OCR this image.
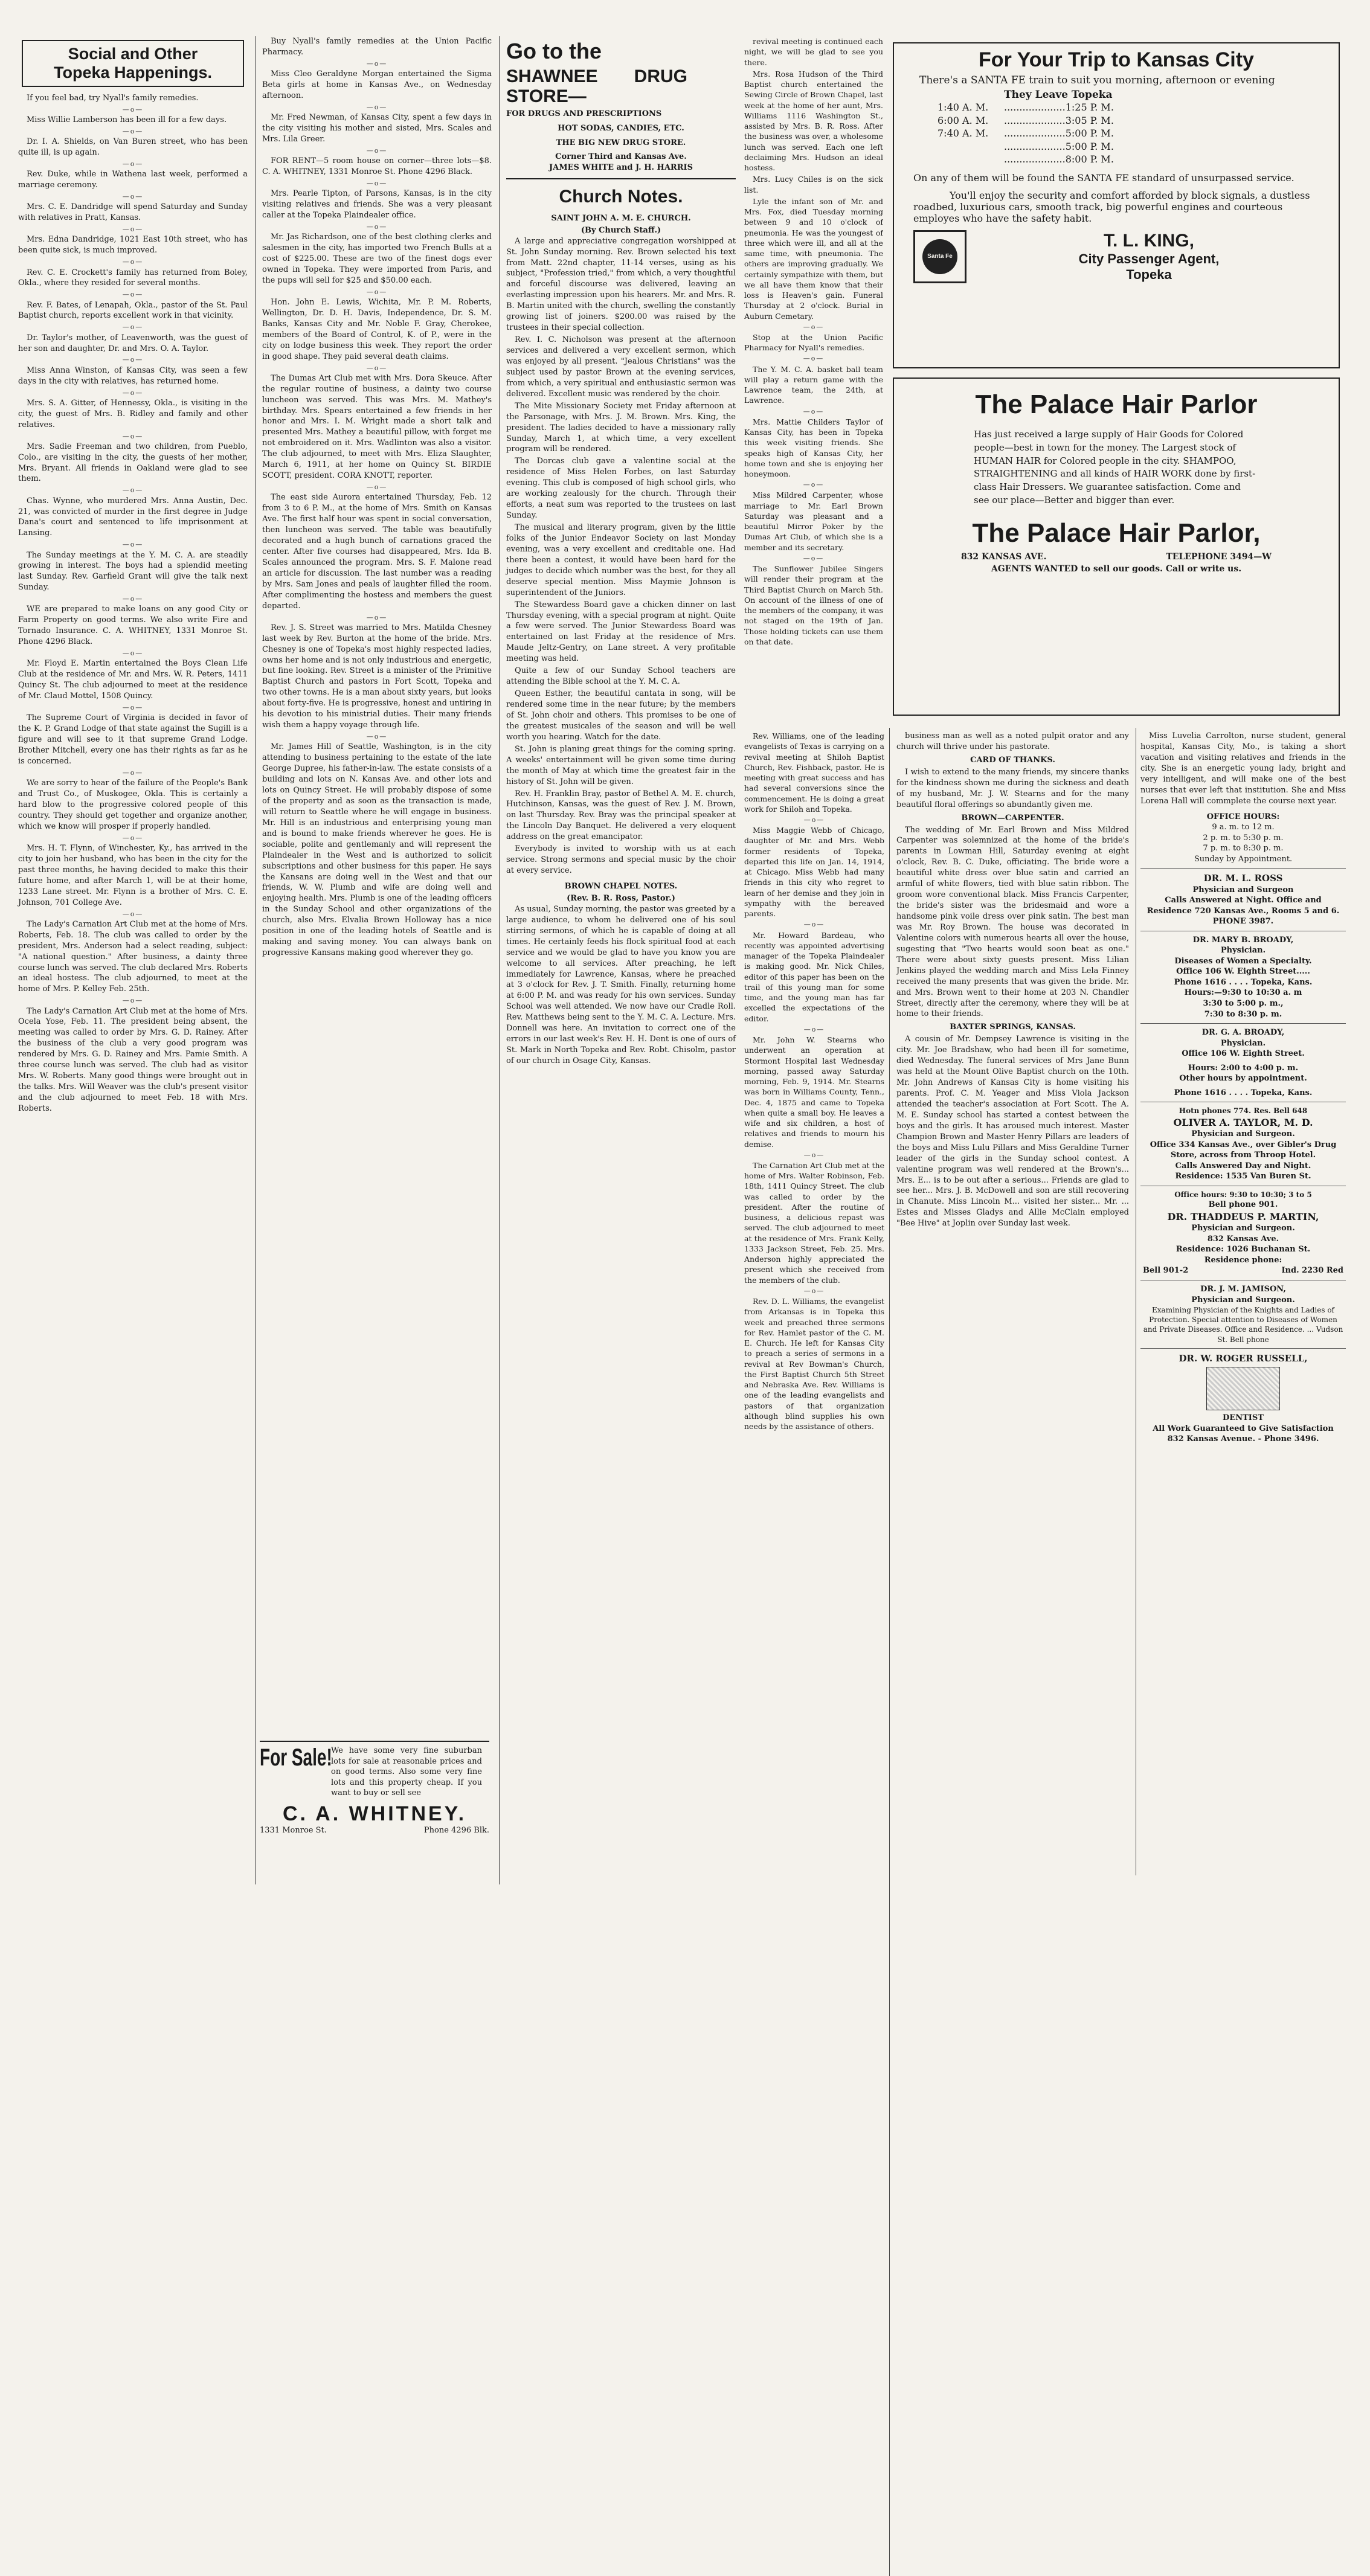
Social and Other
Topeka Happenings.

If you feel bad, try Nyall's family remedies.

—o—

Miss Willie Lamberson has been ill for a few days.

—o—

Dr. I. A. Shields, on Van Buren street, who has been quite ill, is up again.

—o—

Rev. Duke, while in Wathena last week, performed a marriage ceremony.

—o—

Mrs. C. E. Dandridge will spend Saturday and Sunday with relatives in Pratt, Kansas.

—o—

Mrs. Edna Dandridge, 1021 East 10th street, who has been quite sick, is much improved.

—o—

Rev. C. E. Crockett's family has returned from Boley, Okla., where they resided for several months.

—o—

Rev. F. Bates, of Lenapah, Okla., pastor of the St. Paul Baptist church, reports excellent work in that vicinity.

—o—

Dr. Taylor's mother, of Leavenworth, was the guest of her son and daughter, Dr. and Mrs. O. A. Taylor.

—o—

Miss Anna Winston, of Kansas City, was seen a few days in the city with relatives, has returned home.

—o—

Mrs. S. A. Gitter, of Hennessy, Okla., is visiting in the city, the guest of Mrs. B. Ridley and family and other relatives.

—o—

Mrs. Sadie Freeman and two children, from Pueblo, Colo., are visiting in the city, the guests of her mother, Mrs. Bryant. All friends in Oakland were glad to see them.

—o—

Chas. Wynne, who murdered Mrs. Anna Austin, Dec. 21, was convicted of murder in the first degree in Judge Dana's court and sentenced to life imprisonment at Lansing.

—o—

The Sunday meetings at the Y. M. C. A. are steadily growing in interest. The boys had a splendid meeting last Sunday. Rev. Garfield Grant will give the talk next Sunday.

—o—

WE are prepared to make loans on any good City or Farm Property on good terms. We also write Fire and Tornado Insurance. C. A. WHITNEY, 1331 Monroe St. Phone 4296 Black.

—o—

Mr. Floyd E. Martin entertained the Boys Clean Life Club at the residence of Mr. and Mrs. W. R. Peters, 1411 Quincy St. The club adjourned to meet at the residence of Mr. Claud Mottel, 1508 Quincy.

—o—

The Supreme Court of Virginia is decided in favor of the K. P. Grand Lodge of that state against the Sugill is a figure and will see to it that supreme Grand Lodge. Brother Mitchell, every one has their rights as far as he is concerned.

—o—

We are sorry to hear of the failure of the People's Bank and Trust Co., of Muskogee, Okla. This is certainly a hard blow to the progressive colored people of this country. They should get together and organize another, which we know will prosper if properly handled.

—o—

Mrs. H. T. Flynn, of Winchester, Ky., has arrived in the city to join her husband, who has been in the city for the past three months, he having decided to make this their future home, and after March 1, will be at their home, 1233 Lane street. Mr. Flynn is a brother of Mrs. C. E. Johnson, 701 College Ave.

—o—

The Lady's Carnation Art Club met at the home of Mrs. Roberts, Feb. 18. The club was called to order by the president, Mrs. Anderson had a select reading, subject: "A national question." After business, a dainty three course lunch was served. The club declared Mrs. Roberts an ideal hostess. The club adjourned, to meet at the home of Mrs. P. Kelley Feb. 25th.

—o—

The Lady's Carnation Art Club met at the home of Mrs. Ocela Yose, Feb. 11. The president being absent, the meeting was called to order by Mrs. G. D. Rainey. After the business of the club a very good program was rendered by Mrs. G. D. Rainey and Mrs. Pamie Smith. A three course lunch was served. The club had as visitor Mrs. W. Roberts. Many good things were brought out in the talks. Mrs. Will Weaver was the club's present visitor and the club adjourned to meet Feb. 18 with Mrs. Roberts.

Buy Nyall's family remedies at the Union Pacific Pharmacy.

—o—

Miss Cleo Geraldyne Morgan entertained the Sigma Beta girls at home in Kansas Ave., on Wednesday afternoon.

—o—

Mr. Fred Newman, of Kansas City, spent a few days in the city visiting his mother and sisted, Mrs. Scales and Mrs. Lila Greer.

—o—

FOR RENT—5 room house on corner—three lots—$8. C. A. WHITNEY, 1331 Monroe St. Phone 4296 Black.

—o—

Mrs. Pearle Tipton, of Parsons, Kansas, is in the city visiting relatives and friends. She was a very pleasant caller at the Topeka Plaindealer office.

—o—

Mr. Jas Richardson, one of the best clothing clerks and salesmen in the city, has imported two French Bulls at a cost of $225.00. These are two of the finest dogs ever owned in Topeka. They were imported from Paris, and the pups will sell for $25 and $50.00 each.

—o—

Hon. John E. Lewis, Wichita, Mr. P. M. Roberts, Wellington, Dr. D. H. Davis, Independence, Dr. S. M. Banks, Kansas City and Mr. Noble F. Gray, Cherokee, members of the Board of Control, K. of P., were in the city on lodge business this week. They report the order in good shape. They paid several death claims.

—o—

The Dumas Art Club met with Mrs. Dora Skeuce. After the regular routine of business, a dainty two course luncheon was served. This was Mrs. M. Mathey's birthday. Mrs. Spears entertained a few friends in her honor and Mrs. I. M. Wright made a short talk and presented Mrs. Mathey a beautiful pillow, with forget me not embroidered on it. Mrs. Wadlinton was also a visitor. The club adjourned, to meet with Mrs. Eliza Slaughter, March 6, 1911, at her home on Quincy St. BIRDIE SCOTT, president. CORA KNOTT, reporter.

—o—

The east side Aurora entertained Thursday, Feb. 12 from 3 to 6 P. M., at the home of Mrs. Smith on Kansas Ave. The first half hour was spent in social conversation, then luncheon was served. The table was beautifully decorated and a hugh bunch of carnations graced the center. After five courses had disappeared, Mrs. Ida B. Scales announced the program. Mrs. S. F. Malone read an article for discussion. The last number was a reading by Mrs. Sam Jones and peals of laughter filled the room. After complimenting the hostess and members the guest departed.

—o—

Rev. J. S. Street was married to Mrs. Matilda Chesney last week by Rev. Burton at the home of the bride. Mrs. Chesney is one of Topeka's most highly respected ladies, owns her home and is not only industrious and energetic, but fine looking. Rev. Street is a minister of the Primitive Baptist Church and pastors in Fort Scott, Topeka and two other towns. He is a man about sixty years, but looks about forty-five. He is progressive, honest and untiring in his devotion to his ministrial duties. Their many friends wish them a happy voyage through life.

—o—

Mr. James Hill of Seattle, Washington, is in the city attending to business pertaining to the estate of the late George Dupree, his father-in-law. The estate consists of a building and lots on N. Kansas Ave. and other lots and lots on Quincy Street. He will probably dispose of some of the property and as soon as the transaction is made, will return to Seattle where he will engage in business. Mr. Hill is an industrious and enterprising young man and is bound to make friends wherever he goes. He is sociable, polite and gentlemanly and will represent the Plaindealer in the West and is authorized to solicit subscriptions and other business for this paper. He says the Kansans are doing well in the West and that our friends, W. W. Plumb and wife are doing well and enjoying health. Mrs. Plumb is one of the leading officers in the Sunday School and other organizations of the church, also Mrs. Elvalia Brown Holloway has a nice position in one of the leading hotels of Seattle and is making and saving money. You can always bank on progressive Kansans making good wherever they go.

For Sale!
We have some very fine suburban lots for sale at reasonable prices and on good terms. Also some very fine lots and this property cheap. If you want to buy or sell see
C. A. WHITNEY.
1331 Monroe St.	Phone 4296 Blk.
Go to the
SHAWNEE DRUG STORE—
FOR DRUGS AND PRESCRIPTIONS
HOT SODAS, CANDIES, ETC.
THE BIG NEW DRUG STORE.
Corner Third and Kansas Ave.
JAMES WHITE and J. H. HARRIS
Church Notes.
SAINT JOHN A. M. E. CHURCH.
(By Church Staff.)

A large and appreciative congregation worshipped at St. John Sunday morning. Rev. Brown selected his text from Matt. 22nd chapter, 11-14 verses, using as his subject, "Profession tried," from which, a very thoughtful and forceful discourse was delivered, leaving an everlasting impression upon his hearers. Mr. and Mrs. R. B. Martin united with the church, swelling the constantly growing list of joiners. $200.00 was raised by the trustees in their special collection.

Rev. I. C. Nicholson was present at the afternoon services and delivered a very excellent sermon, which was enjoyed by all present. "Jealous Christians" was the subject used by pastor Brown at the evening services, from which, a very spiritual and enthusiastic sermon was delivered. Excellent music was rendered by the choir.

The Mite Missionary Society met Friday afternoon at the Parsonage, with Mrs. J. M. Brown. Mrs. King, the president. The ladies decided to have a missionary rally Sunday, March 1, at which time, a very excellent program will be rendered.

The Dorcas club gave a valentine social at the residence of Miss Helen Forbes, on last Saturday evening. This club is composed of high school girls, who are working zealously for the church. Through their efforts, a neat sum was reported to the trustees on last Sunday.

The musical and literary program, given by the little folks of the Junior Endeavor Society on last Monday evening, was a very excellent and creditable one. Had there been a contest, it would have been hard for the judges to decide which number was the best, for they all deserve special mention. Miss Maymie Johnson is superintendent of the Juniors.

The Stewardess Board gave a chicken dinner on last Thursday evening, with a special program at night. Quite a few were served. The Junior Stewardess Board was entertained on last Friday at the residence of Mrs. Maude Jeltz-Gentry, on Lane street. A very profitable meeting was held.

Quite a few of our Sunday School teachers are attending the Bible school at the Y. M. C. A.

Queen Esther, the beautiful cantata in song, will be rendered some time in the near future; by the members of St. John choir and others. This promises to be one of the greatest musicales of the season and will be well worth you hearing. Watch for the date.

St. John is planing great things for the coming spring. A weeks' entertainment will be given some time during the month of May at which time the greatest fair in the history of St. John will be given.

Rev. H. Franklin Bray, pastor of Bethel A. M. E. church, Hutchinson, Kansas, was the guest of Rev. J. M. Brown, on last Thursday. Rev. Bray was the principal speaker at the Lincoln Day Banquet. He delivered a very eloquent address on the great emancipator.

Everybody is invited to worship with us at each service. Strong sermons and special music by the choir at every service.

BROWN CHAPEL NOTES.
(Rev. B. R. Ross, Pastor.)

As usual, Sunday morning, the pastor was greeted by a large audience, to whom he delivered one of his soul stirring sermons, of which he is capable of doing at all times. He certainly feeds his flock spiritual food at each service and we would be glad to have you know you are welcome to all services. After preaching, he left immediately for Lawrence, Kansas, where he preached at 3 o'clock for Rev. J. T. Smith. Finally, returning home at 6:00 P. M. and was ready for his own services. Sunday School was well attended. We now have our Cradle Roll. Rev. Matthews being sent to the Y. M. C. A. Lecture. Mrs. Donnell was here. An invitation to correct one of the errors in our last week's Rev. H. H. Dent is one of ours of St. Mark in North Topeka and Rev. Robt. Chisolm, pastor of our church in Osage City, Kansas.

revival meeting is continued each night, we will be glad to see you there.

Mrs. Rosa Hudson of the Third Baptist church entertained the Sewing Circle of Brown Chapel, last week at the home of her aunt, Mrs. Williams 1116 Washington St., assisted by Mrs. B. R. Ross. After the business was over, a wholesome lunch was served. Each one left declaiming Mrs. Hudson an ideal hostess.

Mrs. Lucy Chiles is on the sick list.

Lyle the infant son of Mr. and Mrs. Fox, died Tuesday morning between 9 and 10 o'clock of pneumonia. He was the youngest of three which were ill, and all at the same time, with pneumonia. The others are improving gradually. We certainly sympathize with them, but we all have them know that their loss is Heaven's gain. Funeral Thursday at 2 o'clock. Burial in Auburn Cemetary.

—o—

Stop at the Union Pacific Pharmacy for Nyall's remedies.

—o—

The Y. M. C. A. basket ball team will play a return game with the Lawrence team, the 24th, at Lawrence.

—o—

Mrs. Mattie Childers Taylor of Kansas City, has been in Topeka this week visiting friends. She speaks high of Kansas City, her home town and she is enjoying her honeymoon.

—o—

Miss Mildred Carpenter, whose marriage to Mr. Earl Brown Saturday was pleasant and a beautiful Mirror Poker by the Dumas Art Club, of which she is a member and its secretary.

—o—

The Sunflower Jubilee Singers will render their program at the Third Baptist Church on March 5th. On account of the illness of one of the members of the company, it was not staged on the 19th of Jan. Those holding tickets can use them on that date.

For Your Trip to Kansas City
There's a SANTA FE train to suit you morning, afternoon or evening
They Leave Topeka
1:40 A. M. ....................1:25 P. M.
6:00 A. M. ....................3:05 P. M.
7:40 A. M. ....................5:00 P. M.
....................5:00 P. M.
....................8:00 P. M.
On any of them will be found the SANTA FE standard of unsurpassed service.
You'll enjoy the security and comfort afforded by block signals, a dustless roadbed, luxurious cars, smooth track, big powerful engines and courteous employes who have the safety habit.
Santa Fe
T. L. KING,
City Passenger Agent,
Topeka
The Palace Hair Parlor
Has just received a large supply of Hair Goods for Colored people—best in town for the money. The Largest stock of HUMAN HAIR for Colored people in the city. SHAMPOO, STRAIGHTENING and all kinds of HAIR WORK done by first-class Hair Dressers. We guarantee satisfaction. Come and see our place—Better and bigger than ever.
The Palace Hair Parlor,
832 KANSAS AVE.	TELEPHONE 3494—W
AGENTS WANTED to sell our goods. Call or write us.

Rev. Williams, one of the leading evangelists of Texas is carrying on a revival meeting at Shiloh Baptist Church, Rev. Fishback, pastor. He is meeting with great success and has had several conversions since the commencement. He is doing a great work for Shiloh and Topeka.

—o—

Miss Maggie Webb of Chicago, daughter of Mr. and Mrs. Webb former residents of Topeka, departed this life on Jan. 14, 1914, at Chicago. Miss Webb had many friends in this city who regret to learn of her demise and they join in sympathy with the bereaved parents.

—o—

Mr. Howard Bardeau, who recently was appointed advertising manager of the Topeka Plaindealer is making good. Mr. Nick Chiles, editor of this paper has been on the trail of this young man for some time, and the young man has far excelled the expectations of the editor.

—o—

Mr. John W. Stearns who underwent an operation at Stormont Hospital last Wednesday morning, passed away Saturday morning, Feb. 9, 1914. Mr. Stearns was born in Williams County, Tenn., Dec. 4, 1875 and came to Topeka when quite a small boy. He leaves a wife and six children, a host of relatives and friends to mourn his demise.

—o—

The Carnation Art Club met at the home of Mrs. Walter Robinson, Feb. 18th, 1411 Quincy Street. The club was called to order by the president. After the routine of business, a delicious repast was served. The club adjourned to meet at the residence of Mrs. Frank Kelly, 1333 Jackson Street, Feb. 25. Mrs. Anderson highly appreciated the present which she received from the members of the club.

—o—

Rev. D. L. Williams, the evangelist from Arkansas is in Topeka this week and preached three sermons for Rev. Hamlet pastor of the C. M. E. Church. He left for Kansas City to preach a series of sermons in a revival at Rev Bowman's Church, the First Baptist Church 5th Street and Nebraska Ave. Rev. Williams is one of the leading evangelists and pastors of that organization although blind supplies his own needs by the assistance of others.

business man as well as a noted pulpit orator and any church will thrive under his pastorate.

CARD OF THANKS.

I wish to extend to the many friends, my sincere thanks for the kindness shown me during the sickness and death of my husband, Mr. J. W. Stearns and for the many beautiful floral offerings so abundantly given me.

BROWN—CARPENTER.

The wedding of Mr. Earl Brown and Miss Mildred Carpenter was solemnized at the home of the bride's parents in Lowman Hill, Saturday evening at eight o'clock, Rev. B. C. Duke, officiating. The bride wore a beautiful white dress over blue satin and carried an armful of white flowers, tied with blue satin ribbon. The groom wore conventional black. Miss Francis Carpenter, the bride's sister was the bridesmaid and wore a handsome pink voile dress over pink satin. The best man was Mr. Roy Brown. The house was decorated in Valentine colors with numerous hearts all over the house, sugesting that "Two hearts would soon beat as one." There were about sixty guests present. Miss Lilian Jenkins played the wedding march and Miss Lela Finney received the many presents that was given the bride. Mr. and Mrs. Brown went to their home at 203 N. Chandler Street, directly after the ceremony, where they will be at home to their friends.

BAXTER SPRINGS, KANSAS.

A cousin of Mr. Dempsey Lawrence is visiting in the city. Mr. Joe Bradshaw, who had been ill for sometime, died Wednesday. The funeral services of Mrs Jane Bunn was held at the Mount Olive Baptist church on the 10th. Mr. John Andrews of Kansas City is home visiting his parents. Prof. C. M. Yeager and Miss Viola Jackson attended the teacher's association at Fort Scott. The A. M. E. Sunday school has started a contest between the boys and the girls. It has aroused much interest. Master Champion Brown and Master Henry Pillars are leaders of the boys and Miss Lulu Pillars and Miss Geraldine Turner leader of the girls in the Sunday school contest. A valentine program was well rendered at the Brown's... Mrs. E... is to be out after a serious... Friends are glad to see her... Mrs. J. B. McDowell and son are still recovering in Chanute. Miss Lincoln M... visited her sister... Mr. ... Estes and Misses Gladys and Allie McClain employed "Bee Hive" at Joplin over Sunday last week.

Miss Luvelia Carrolton, nurse student, general hospital, Kansas City, Mo., is taking a short vacation and visiting relatives and friends in the city. She is an energetic young lady, bright and very intelligent, and will make one of the best nurses that ever left that institution. She and Miss Lorena Hall will commplete the course next year.

OFFICE HOURS:
9 a. m. to 12 m.
2 p. m. to 5:30 p. m.
7 p. m. to 8:30 p. m.
Sunday by Appointment.
DR. M. L. ROSS
Physician and Surgeon
Calls Answered at Night. Office and Residence 720 Kansas Ave., Rooms 5 and 6.
PHONE 3987.
DR. MARY B. BROADY,
Physician.
Diseases of Women a Specialty.
Office 106 W. Eighth Street.....
Phone 1616 . . . . Topeka, Kans.
Hours:—9:30 to 10:30 a. m
3:30 to 5:00 p. m.,
7:30 to 8:30 p. m.
DR. G. A. BROADY,
Physician.
Office 106 W. Eighth Street.
Hours: 2:00 to 4:00 p. m.
Other hours by appointment.
Phone 1616 . . . . Topeka, Kans.
Hotn phones 774. Res. Bell 648
OLIVER A. TAYLOR, M. D.
Physician and Surgeon.
Office 334 Kansas Ave., over Gibler's Drug Store, across from Throop Hotel.
Calls Answered Day and Night.
Residence: 1535 Van Buren St.
Office hours: 9:30 to 10:30; 3 to 5
Bell phone 901.
DR. THADDEUS P. MARTIN,
Physician and Surgeon.
832 Kansas Ave.
Residence: 1026 Buchanan St.
Residence phone:
Bell 901-2	Ind. 2230 Red
DR. J. M. JAMISON,
Physician and Surgeon.
Examining Physician of the Knights and Ladies of Protection. Special attention to Diseases of Women and Private Diseases. Office and Residence. ... Vudson St. Bell phone
DR. W. ROGER RUSSELL,
DENTIST
All Work Guaranteed to Give Satisfaction
832 Kansas Avenue. - Phone 3496.
